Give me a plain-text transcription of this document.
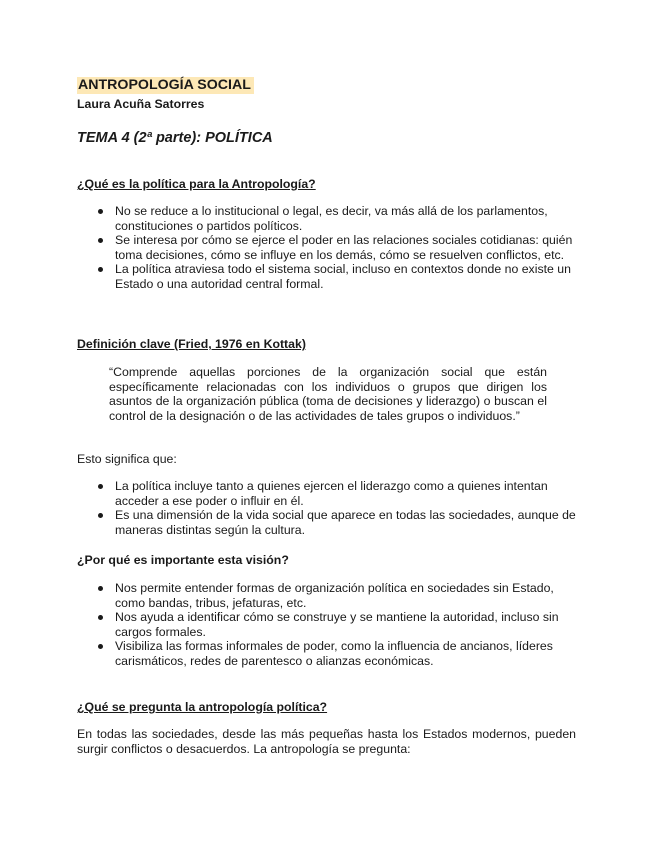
ANTROPOLOGÍA SOCIAL
Laura Acuña Satorres
TEMA 4 (2ª parte): POLÍTICA
¿Qué es la política para la Antropología?
No se reduce a lo institucional o legal, es decir, va más allá de los parlamentos, constituciones o partidos políticos.
Se interesa por cómo se ejerce el poder en las relaciones sociales cotidianas: quién toma decisiones, cómo se influye en los demás, cómo se resuelven conflictos, etc.
La política atraviesa todo el sistema social, incluso en contextos donde no existe un Estado o una autoridad central formal.
Definición clave (Fried, 1976 en Kottak)
“Comprende aquellas porciones de la organización social que están específicamente relacionadas con los individuos o grupos que dirigen los asuntos de la organización pública (toma de decisiones y liderazgo) o buscan el control de la designación o de las actividades de tales grupos o individuos.”
Esto significa que:
La política incluye tanto a quienes ejercen el liderazgo como a quienes intentan acceder a ese poder o influir en él.
Es una dimensión de la vida social que aparece en todas las sociedades, aunque de maneras distintas según la cultura.
¿Por qué es importante esta visión?
Nos permite entender formas de organización política en sociedades sin Estado, como bandas, tribus, jefaturas, etc.
Nos ayuda a identificar cómo se construye y se mantiene la autoridad, incluso sin cargos formales.
Visibiliza las formas informales de poder, como la influencia de ancianos, líderes carismáticos, redes de parentesco o alianzas económicas.
¿Qué se pregunta la antropología política?
En todas las sociedades, desde las más pequeñas hasta los Estados modernos, pueden surgir conflictos o desacuerdos. La antropología se pregunta:
